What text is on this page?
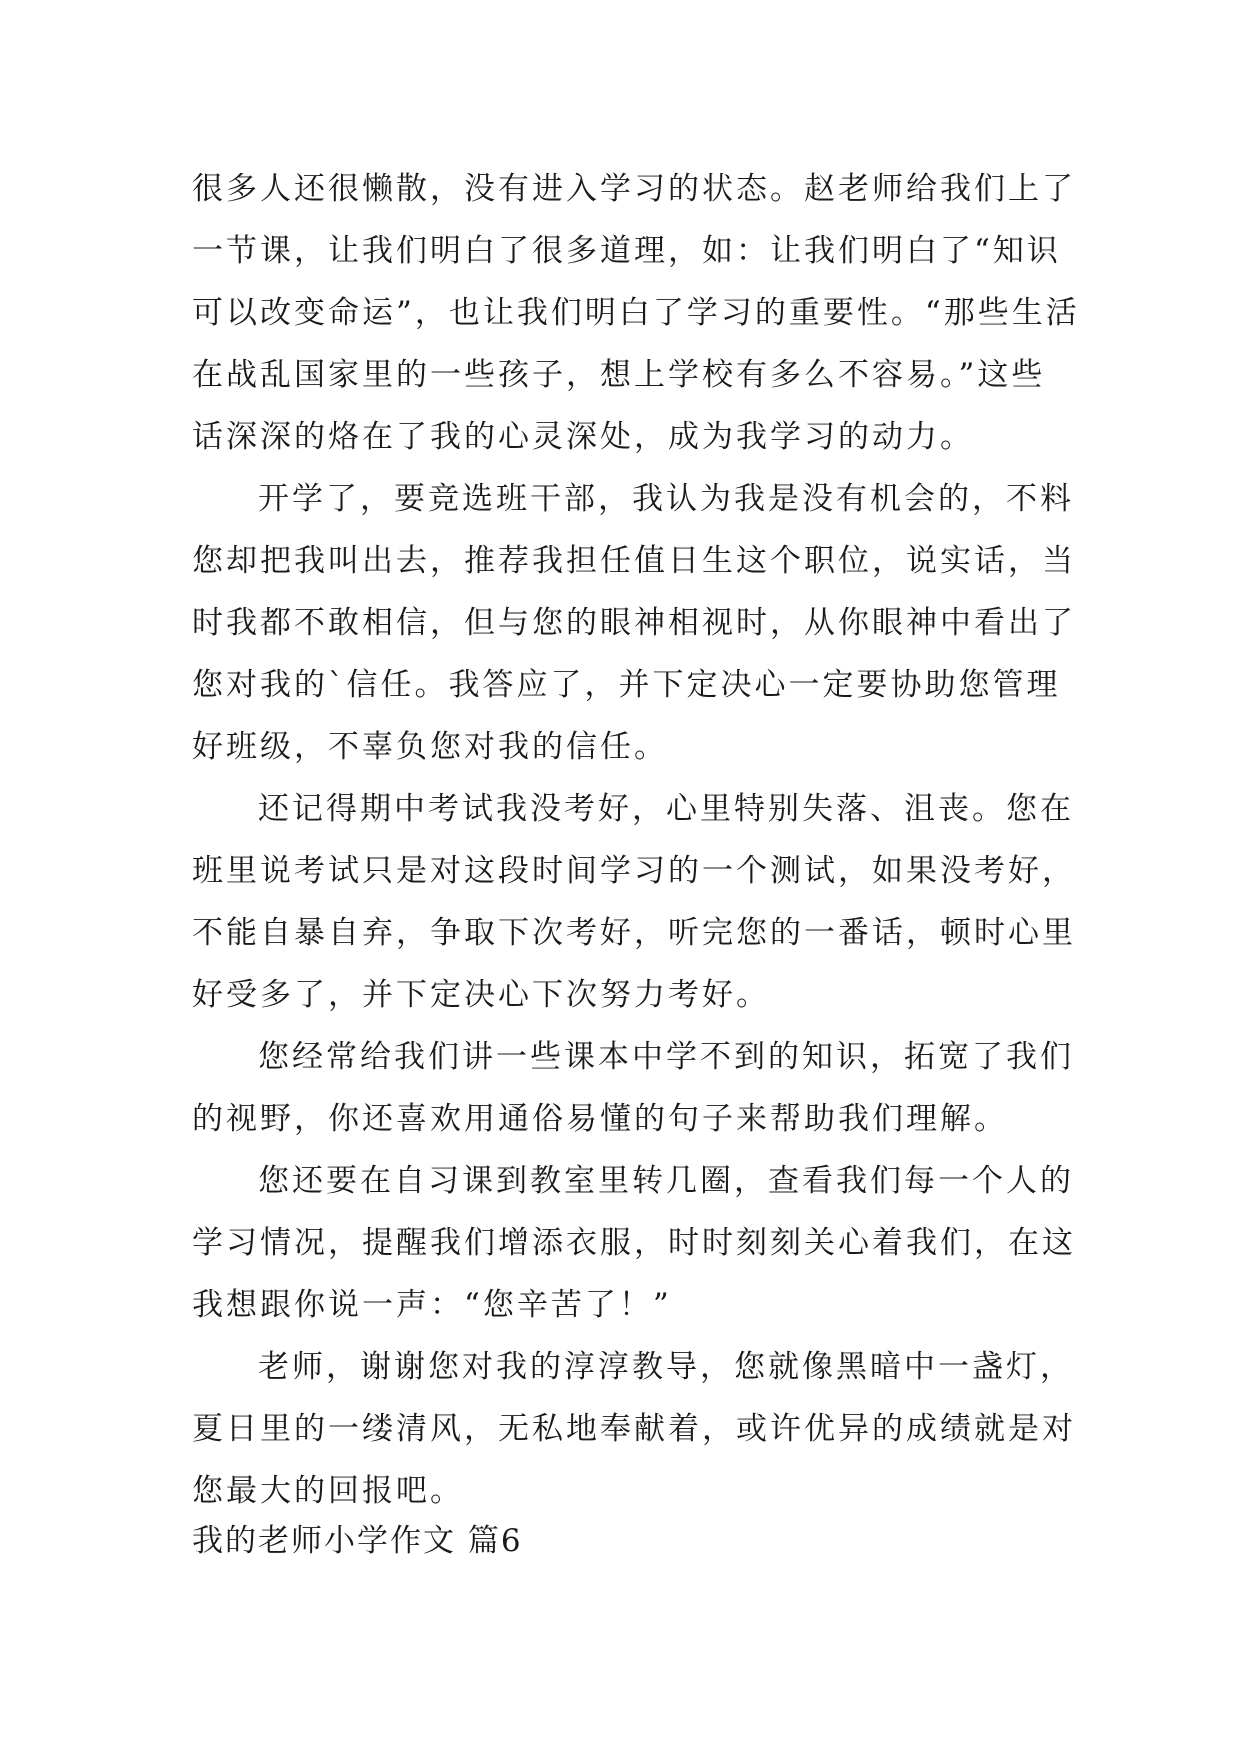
很多人还很懒散，没有进入学习的状态。赵老师给我们上了
一节课，让我们明白了很多道理，如：让我们明白了“知识
可以改变命运”，也让我们明白了学习的重要性。“那些生活
在战乱国家里的一些孩子，想上学校有多么不容易。”这些
话深深的烙在了我的心灵深处，成为我学习的动力。
开学了，要竞选班干部，我认为我是没有机会的，不料
您却把我叫出去，推荐我担任值日生这个职位，说实话，当
时我都不敢相信，但与您的眼神相视时，从你眼神中看出了
您对我的`信任。我答应了，并下定决心一定要协助您管理
好班级，不辜负您对我的信任。
还记得期中考试我没考好，心里特别失落、沮丧。您在
班里说考试只是对这段时间学习的一个测试，如果没考好，
不能自暴自弃，争取下次考好，听完您的一番话，顿时心里
好受多了，并下定决心下次努力考好。
您经常给我们讲一些课本中学不到的知识，拓宽了我们
的视野，你还喜欢用通俗易懂的句子来帮助我们理解。
您还要在自习课到教室里转几圈，查看我们每一个人的
学习情况，提醒我们增添衣服，时时刻刻关心着我们，在这
我想跟你说一声：“您辛苦了！”
老师，谢谢您对我的淳淳教导，您就像黑暗中一盏灯，
夏日里的一缕清风，无私地奉献着，或许优异的成绩就是对
您最大的回报吧。
我的老师小学作文 篇6
